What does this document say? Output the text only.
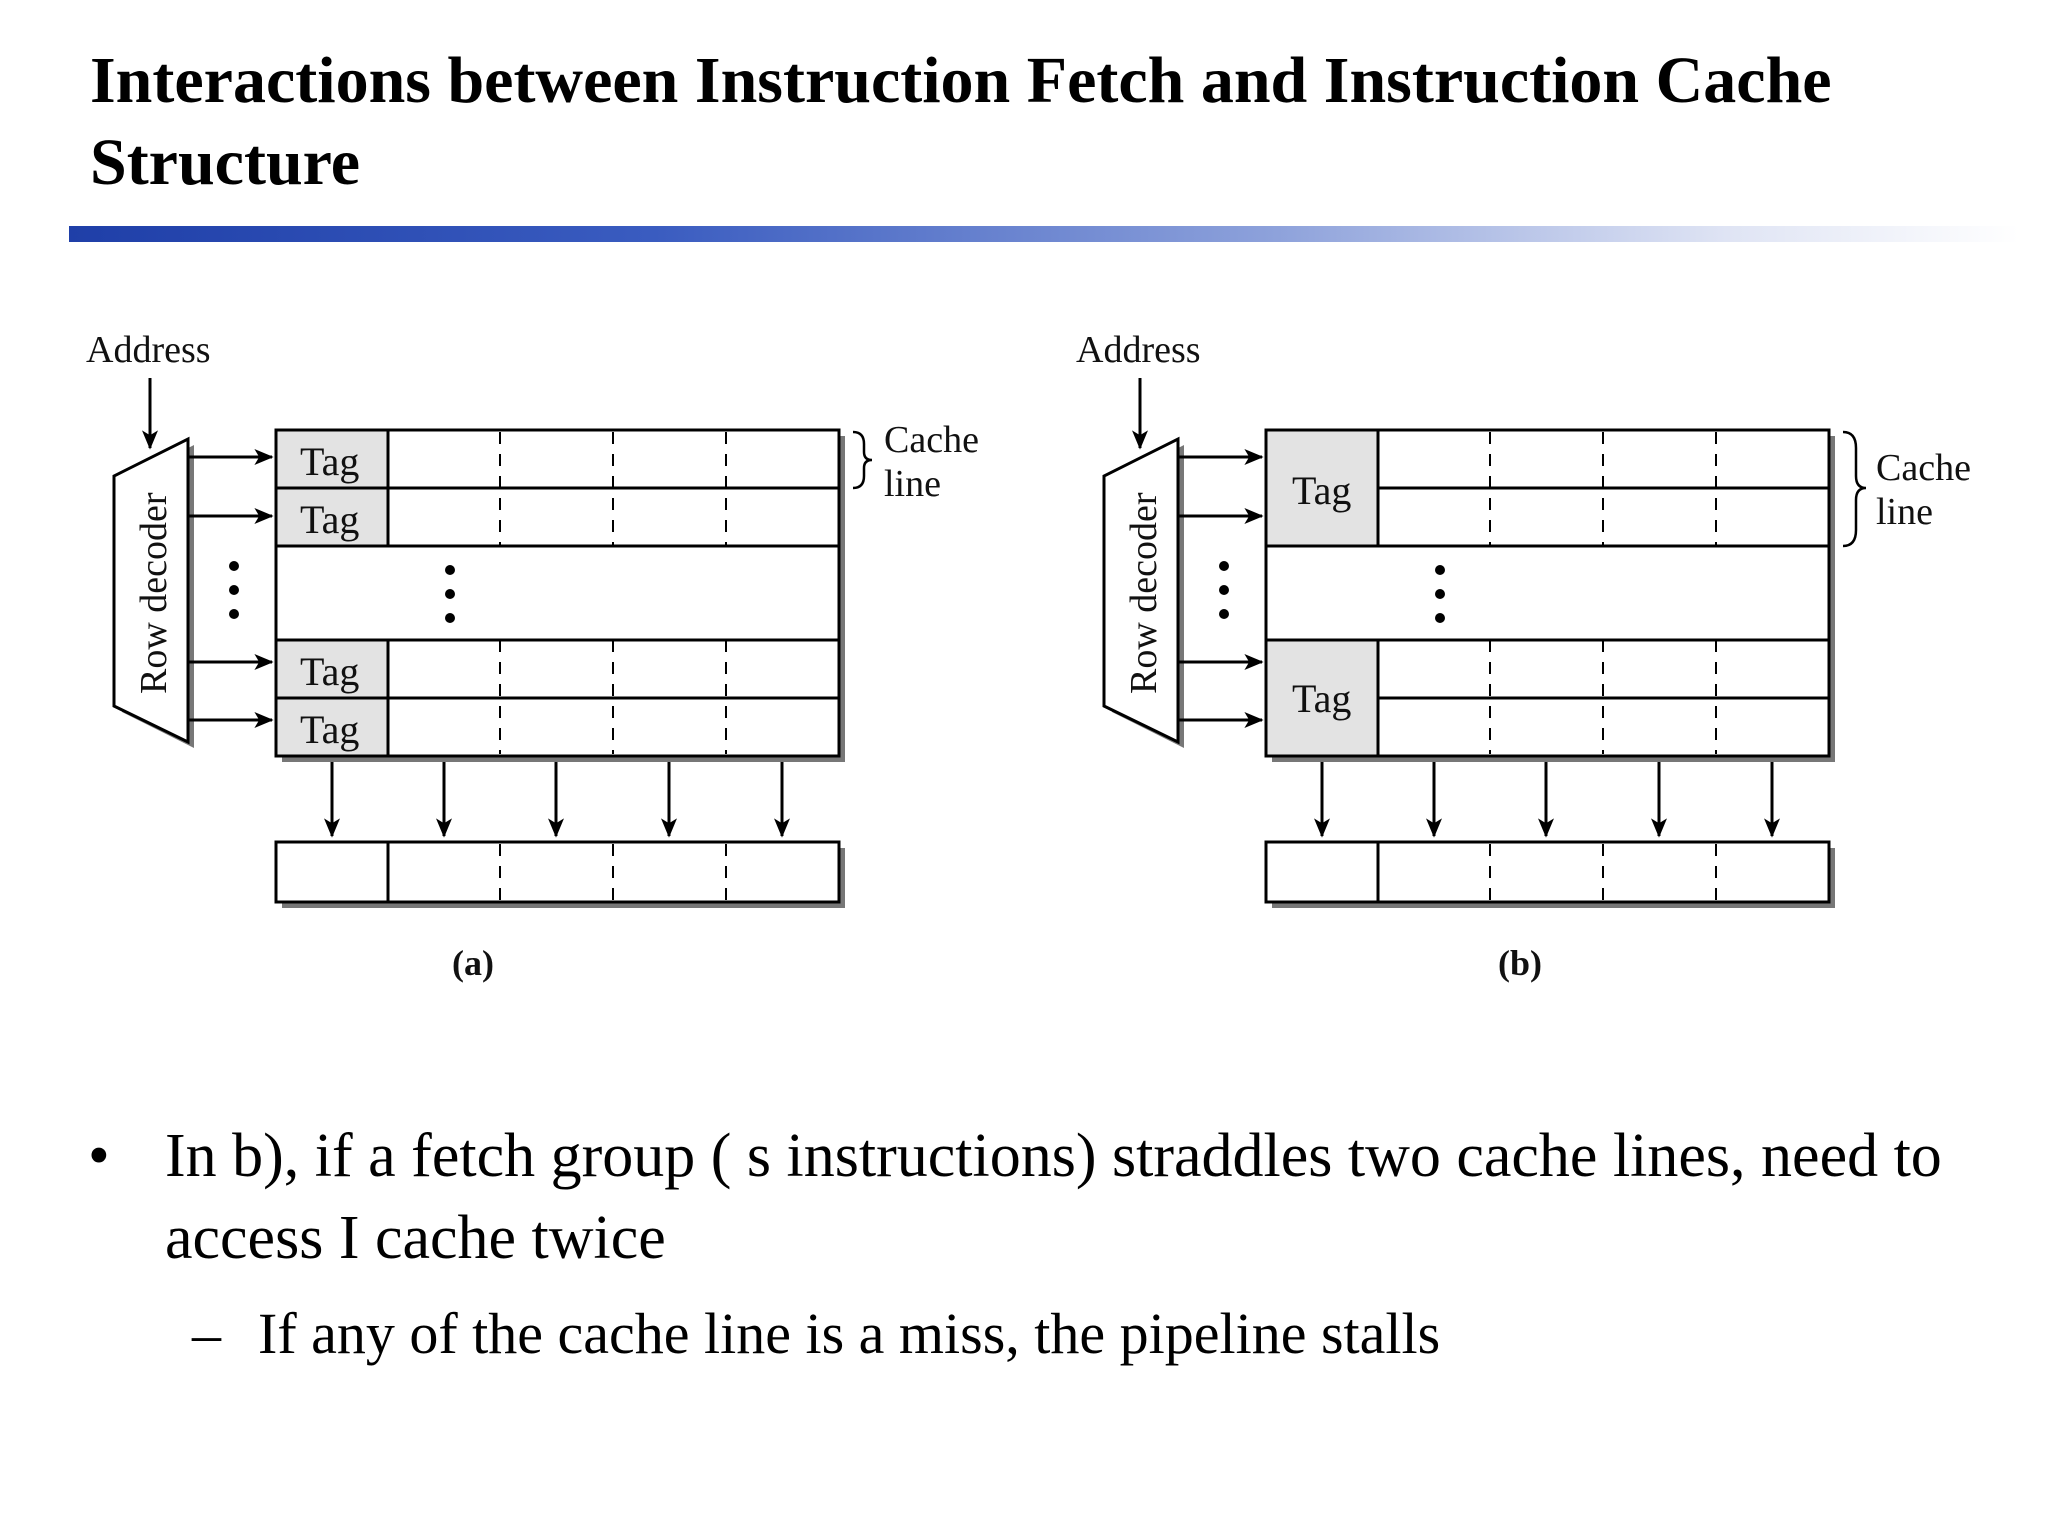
Interactions between Instruction Fetch and Instruction Cache Structure
Address
Row decoder
Tag
Tag
Tag
Tag
Cache
line
(a)
Address
Row decoder
Tag
Tag
Cache
line
(b)
• In b), if a fetch group ( s instructions) straddles two cache lines, need to access I cache twice
– If any of the cache line is a miss, the pipeline stalls
